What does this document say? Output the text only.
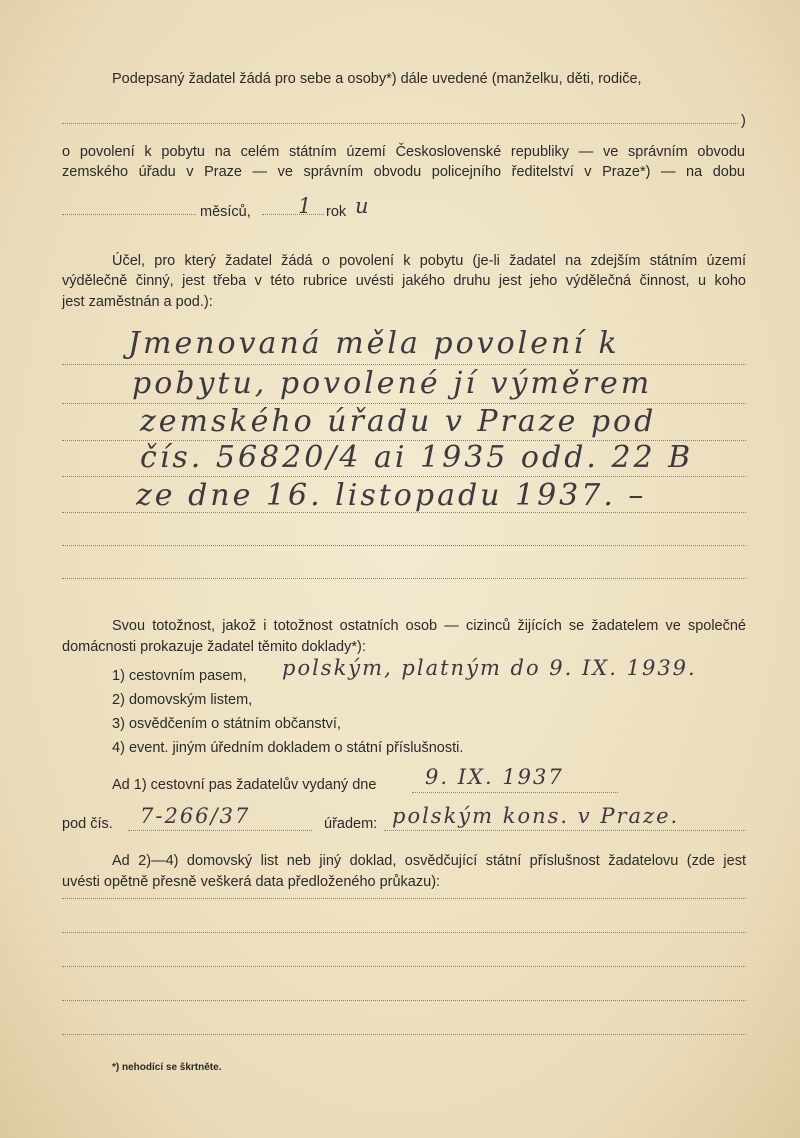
Podepsaný žadatel žádá pro sebe a osoby*) dále uvedené (manželku, děti, rodiče,
)
o povolení k pobytu na celém státním území Československé republiky — ve správním obvodu
zemského úřadu v Praze — ve správním obvodu policejního ředitelství v Praze*) — na dobu
měsíců, 1 rok u
Účel, pro který žadatel žádá o povolení k pobytu (je-li žadatel na zdejším státním území
výdělečně činný, jest třeba v této rubrice uvésti jakého druhu jest jeho výdělečná činnost, u koho
jest zaměstnán a pod.):
Jmenovaná měla povolení k
pobytu, povolené jí výměrem
zemského úřadu v Praze pod
čís. 56820/4 ai 1935 odd. 22 B
ze dne 16. listopadu 1937. –
Svou totožnost, jakož i totožnost ostatních osob — cizinců žijících se žadatelem ve společné
domácnosti prokazuje žadatel těmito doklady*):
1) cestovním pasem, polským, platným do 9. IX. 1939.
2) domovským listem,
3) osvědčením o státním občanství,
4) event. jiným úředním dokladem o státní příslušnosti.
Ad 1) cestovní pas žadatelův vydaný dne 9. IX. 1937
pod čís. 7-266/37	úřadem: polským kons. v Praze.
Ad 2)—4) domovský list neb jiný doklad, osvědčující státní příslušnost žadatelovu (zde jest
uvésti opětně přesně veškerá data předloženého průkazu):
*) nehodící se škrtněte.
